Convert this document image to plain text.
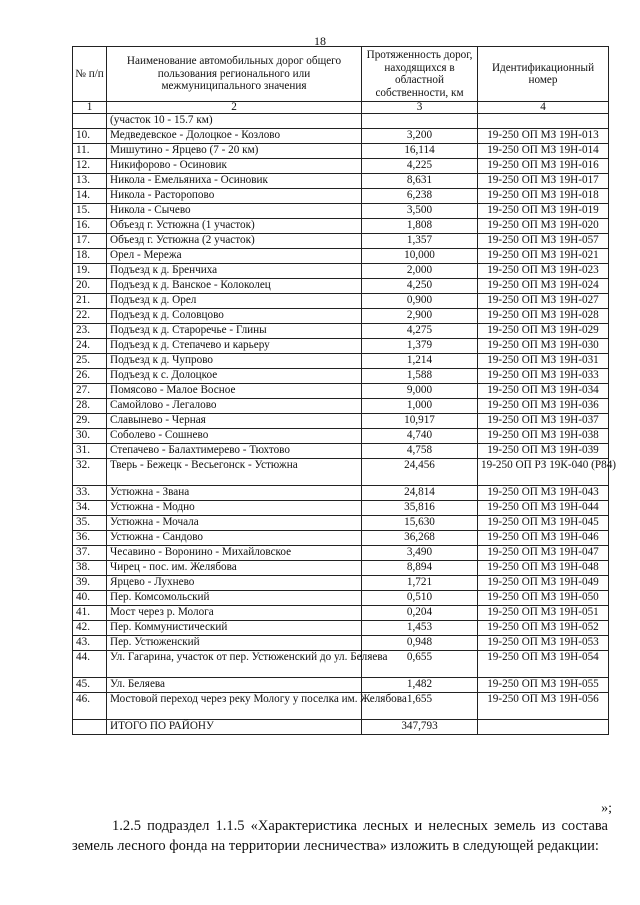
18
№ п/п	Наименование автомобильных дорог общего пользования регионального или межмуниципального значения	Протяженность дорог, находящихся в областной собственности, км	Идентификационный номер
1	2	3	4
	(участок 10 - 15.7 км)		
10.	Медведевское - Долоцкое - Козлово	3,200	19-250 ОП МЗ 19Н-013
11.	Мишутино - Ярцево (7 - 20 км)	16,114	19-250 ОП МЗ 19Н-014
12.	Никифорово - Осиновик	4,225	19-250 ОП МЗ 19Н-016
13.	Никола - Емельяниха - Осиновик	8,631	19-250 ОП МЗ 19Н-017
14.	Никола - Расторопово	6,238	19-250 ОП МЗ 19Н-018
15.	Никола - Сычево	3,500	19-250 ОП МЗ 19Н-019
16.	Объезд г. Устюжна (1 участок)	1,808	19-250 ОП МЗ 19Н-020
17.	Объезд г. Устюжна (2 участок)	1,357	19-250 ОП МЗ 19Н-057
18.	Орел - Мережа	10,000	19-250 ОП МЗ 19Н-021
19.	Подъезд к д. Бренчиха	2,000	19-250 ОП МЗ 19Н-023
20.	Подъезд к д. Ванское - Колоколец	4,250	19-250 ОП МЗ 19Н-024
21.	Подъезд к д. Орел	0,900	19-250 ОП МЗ 19Н-027
22.	Подъезд к д. Соловцово	2,900	19-250 ОП МЗ 19Н-028
23.	Подъезд к д. Староречье - Глины	4,275	19-250 ОП МЗ 19Н-029
24.	Подъезд к д. Степачево и карьеру	1,379	19-250 ОП МЗ 19Н-030
25.	Подъезд к д. Чупрово	1,214	19-250 ОП МЗ 19Н-031
26.	Подъезд к с. Долоцкое	1,588	19-250 ОП МЗ 19Н-033
27.	Помясово - Малое Восное	9,000	19-250 ОП МЗ 19Н-034
28.	Самойлово - Легалово	1,000	19-250 ОП МЗ 19Н-036
29.	Славынево - Черная	10,917	19-250 ОП МЗ 19Н-037
30.	Соболево - Сошнево	4,740	19-250 ОП МЗ 19Н-038
31.	Степачево - Балахтимерево - Тюхтово	4,758	19-250 ОП МЗ 19Н-039
32.	Тверь - Бежецк - Весьегонск - Устюжна	24,456	19-250 ОП РЗ 19К-040 (Р84)
33.	Устюжна - Звана	24,814	19-250 ОП МЗ 19Н-043
34.	Устюжна - Модно	35,816	19-250 ОП МЗ 19Н-044
35.	Устюжна - Мочала	15,630	19-250 ОП МЗ 19Н-045
36.	Устюжна - Сандово	36,268	19-250 ОП МЗ 19Н-046
37.	Чесавино - Воронино - Михайловское	3,490	19-250 ОП МЗ 19Н-047
38.	Чирец - пос. им. Желябова	8,894	19-250 ОП МЗ 19Н-048
39.	Ярцево - Лухнево	1,721	19-250 ОП МЗ 19Н-049
40.	Пер. Комсомольский	0,510	19-250 ОП МЗ 19Н-050
41.	Мост через р. Молога	0,204	19-250 ОП МЗ 19Н-051
42.	Пер. Коммунистический	1,453	19-250 ОП МЗ 19Н-052
43.	Пер. Устюженский	0,948	19-250 ОП МЗ 19Н-053
44.	Ул. Гагарина, участок от пер. Устюженский до ул. Беляева	0,655	19-250 ОП МЗ 19Н-054
45.	Ул. Беляева	1,482	19-250 ОП МЗ 19Н-055
46.	Мостовой переход через реку Мологу у поселка им. Желябова	1,655	19-250 ОП МЗ 19Н-056
	ИТОГО ПО РАЙОНУ	347,793	
»;
1.2.5 подраздел 1.1.5 «Характеристика лесных и нелесных земель из состава земель лесного фонда на территории лесничества» изложить в следующей редакции:
